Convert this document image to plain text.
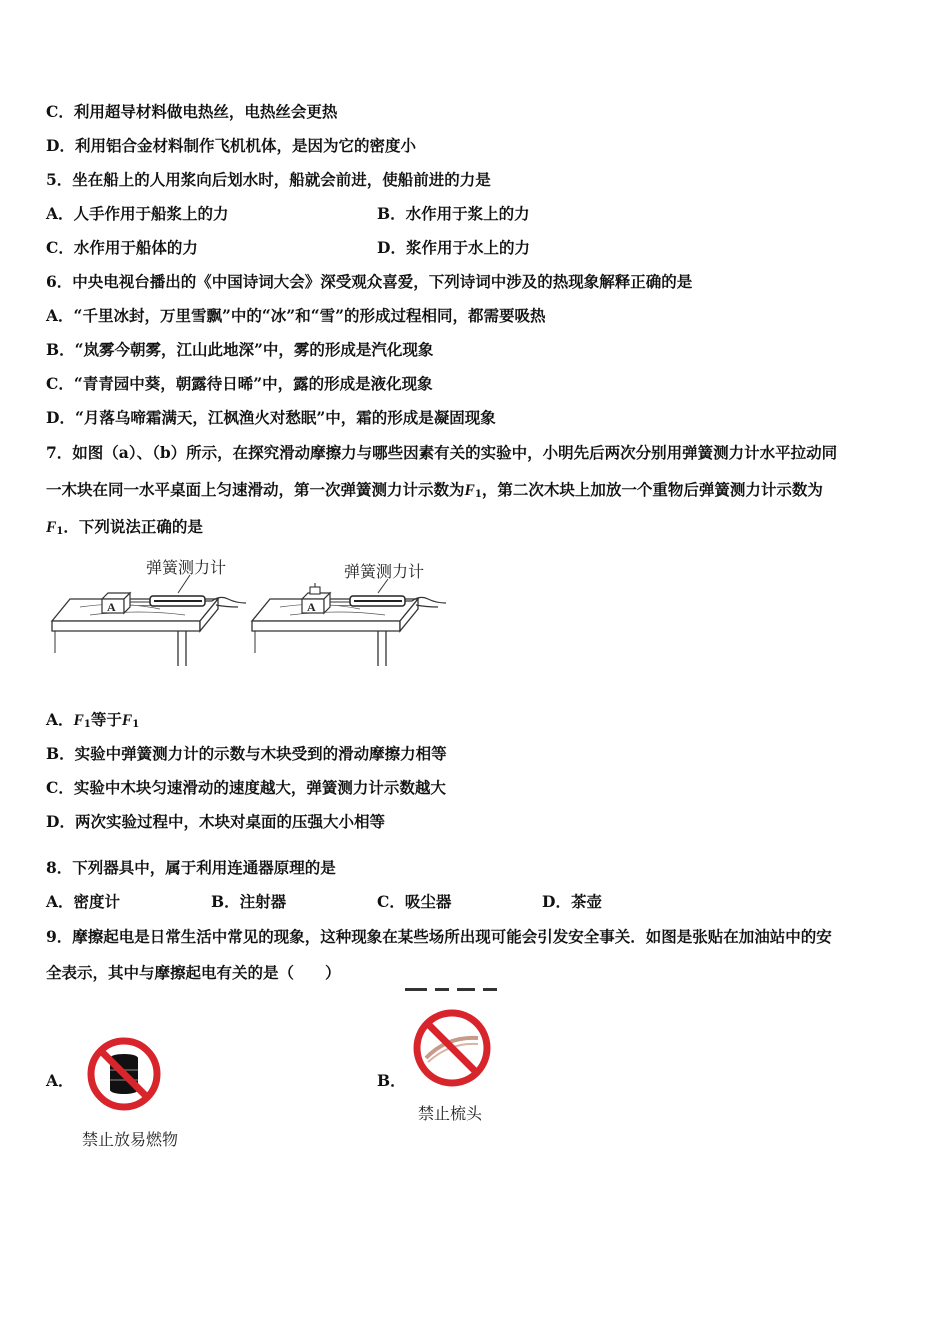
C．利用超导材料做电热丝，电热丝会更热
D．利用铝合金材料制作飞机机体，是因为它的密度小
5．坐在船上的人用浆向后划水时，船就会前进，使船前进的力是
A．人手作用于船浆上的力	B．水作用于浆上的力
C．水作用于船体的力	D．浆作用于水上的力
6．中央电视台播出的《中国诗词大会》深受观众喜爱，下列诗词中涉及的热现象解释正确的是
A．“千里冰封，万里雪飘”中的“冰”和“雪”的形成过程相同，都需要吸热
B．“岚雾今朝雾，江山此地深”中，雾的形成是汽化现象
C．“青青园中葵，朝露待日晞”中，露的形成是液化现象
D．“月落乌啼霜满天，江枫渔火对愁眠”中，霜的形成是凝固现象
7．如图（a）、（b）所示，在探究滑动摩擦力与哪些因素有关的实验中，小明先后两次分别用弹簧测力计水平拉动同
一木块在同一水平桌面上匀速滑动，第一次弹簧测力计示数为$F_1$，第二次木块上加放一个重物后弹簧测力计示数为
$F_1$．下列说法正确的是
弹簧测力计
A
弹簧测力计
A
A．$F_1$等于$F_1$
B．实验中弹簧测力计的示数与木块受到的滑动摩擦力相等
C．实验中木块匀速滑动的速度越大，弹簧测力计示数越大
D．两次实验过程中，木块对桌面的压强大小相等
8．下列器具中，属于利用连通器原理的是
A．密度计	B．注射器	C．吸尘器	D．茶壶
9．摩擦起电是日常生活中常见的现象，这种现象在某些场所出现可能会引发安全事关．如图是张贴在加油站中的安
全表示，其中与摩擦起电有关的是（　　）
A．
禁止放易燃物
B．
禁止梳头
